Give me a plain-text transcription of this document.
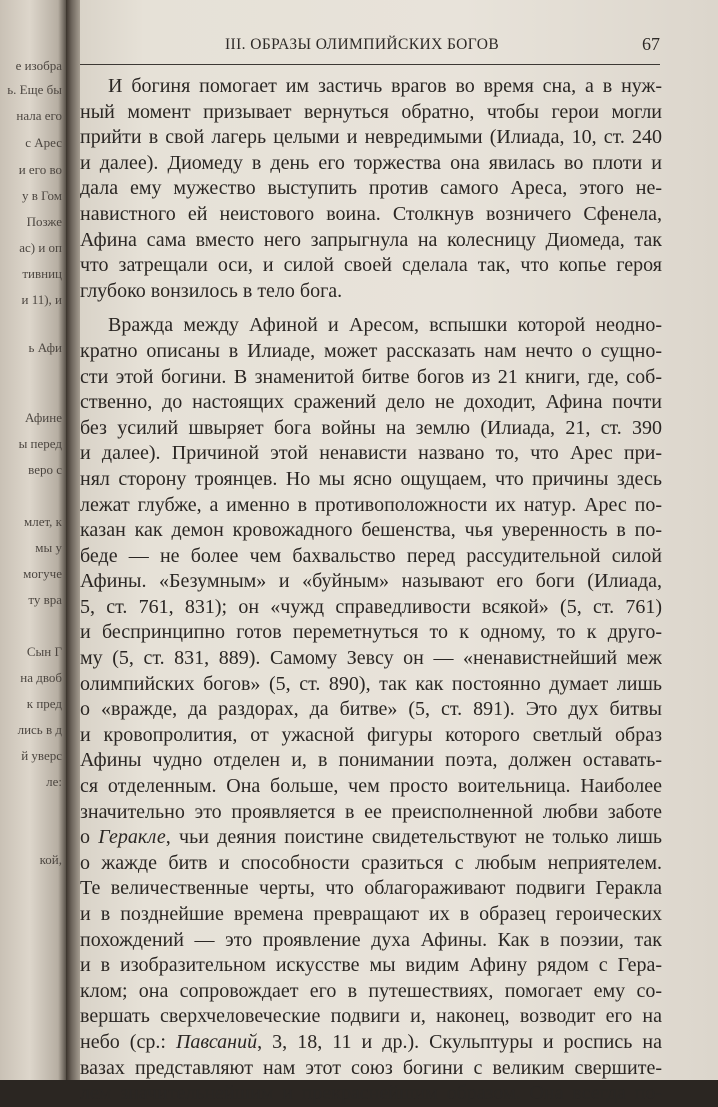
е изобра
ь. Еще бы
нала его
с Арес
и его во
у в Гом
Позже
ас) и оп
тивниц
и 11), и
ь Афи
Афине
ы перед
веро с
млет, к
мы у
могуче
ту вра
Сын Г
на двоб
к пред
лись в д
й уверс
ле:
кой,
III. ОБРАЗЫ ОЛИМПИЙСКИХ БОГОВ	67
И богиня помогает им застичь врагов во время сна, а в нуж-
ный момент призывает вернуться обратно, чтобы герои могли
прийти в свой лагерь целыми и невредимыми (Илиада, 10, ст. 240
и далее). Диомеду в день его торжества она явилась во плоти и
дала ему мужество выступить против самого Ареса, этого не-
навистного ей неистового воина. Столкнув возничего Сфенела,
Афина сама вместо него запрыгнула на колесницу Диомеда, так
что затрещали оси, и силой своей сделала так, что копье героя
глубоко вонзилось в тело бога.
Вражда между Афиной и Аресом, вспышки которой неодно-
кратно описаны в Илиаде, может рассказать нам нечто о сущно-
сти этой богини. В знаменитой битве богов из 21 книги, где, соб-
ственно, до настоящих сражений дело не доходит, Афина почти
без усилий швыряет бога войны на землю (Илиада, 21, ст. 390
и далее). Причиной этой ненависти названо то, что Арес при-
нял сторону троянцев. Но мы ясно ощущаем, что причины здесь
лежат глубже, а именно в противоположности их натур. Арес по-
казан как демон кровожадного бешенства, чья уверенность в по-
беде — не более чем бахвальство перед рассудительной силой
Афины. «Безумным» и «буйным» называют его боги (Илиада,
5, ст. 761, 831); он «чужд справедливости всякой» (5, ст. 761)
и беспринципно готов переметнуться то к одному, то к друго-
му (5, ст. 831, 889). Самому Зевсу он — «ненавистнейший меж
олимпийских богов» (5, ст. 890), так как постоянно думает лишь
о «вражде, да раздорах, да битве» (5, ст. 891). Это дух битвы
и кровопролития, от ужасной фигуры которого светлый образ
Афины чудно отделен и, в понимании поэта, должен оставать-
ся отделенным. Она больше, чем просто воительница. Наиболее
значительно это проявляется в ее преисполненной любви заботе
о Геракле, чьи деяния поистине свидетельствуют не только лишь
о жажде битв и способности сразиться с любым неприятелем.
Те величественные черты, что облагораживают подвиги Геракла
и в позднейшие времена превращают их в образец героических
похождений — это проявление духа Афины. Как в поэзии, так
и в изобразительном искусстве мы видим Афину рядом с Гера-
клом; она сопровождает его в путешествиях, помогает ему со-
вершать сверхчеловеческие подвиги и, наконец, возводит его на
небо (ср.: Павсаний, 3, 18, 11 и др.). Скульптуры и роспись на
вазах представляют нам этот союз богини с великим свершите-
лем значительнейшим и прекраснейшим образом. Она всегда по-
